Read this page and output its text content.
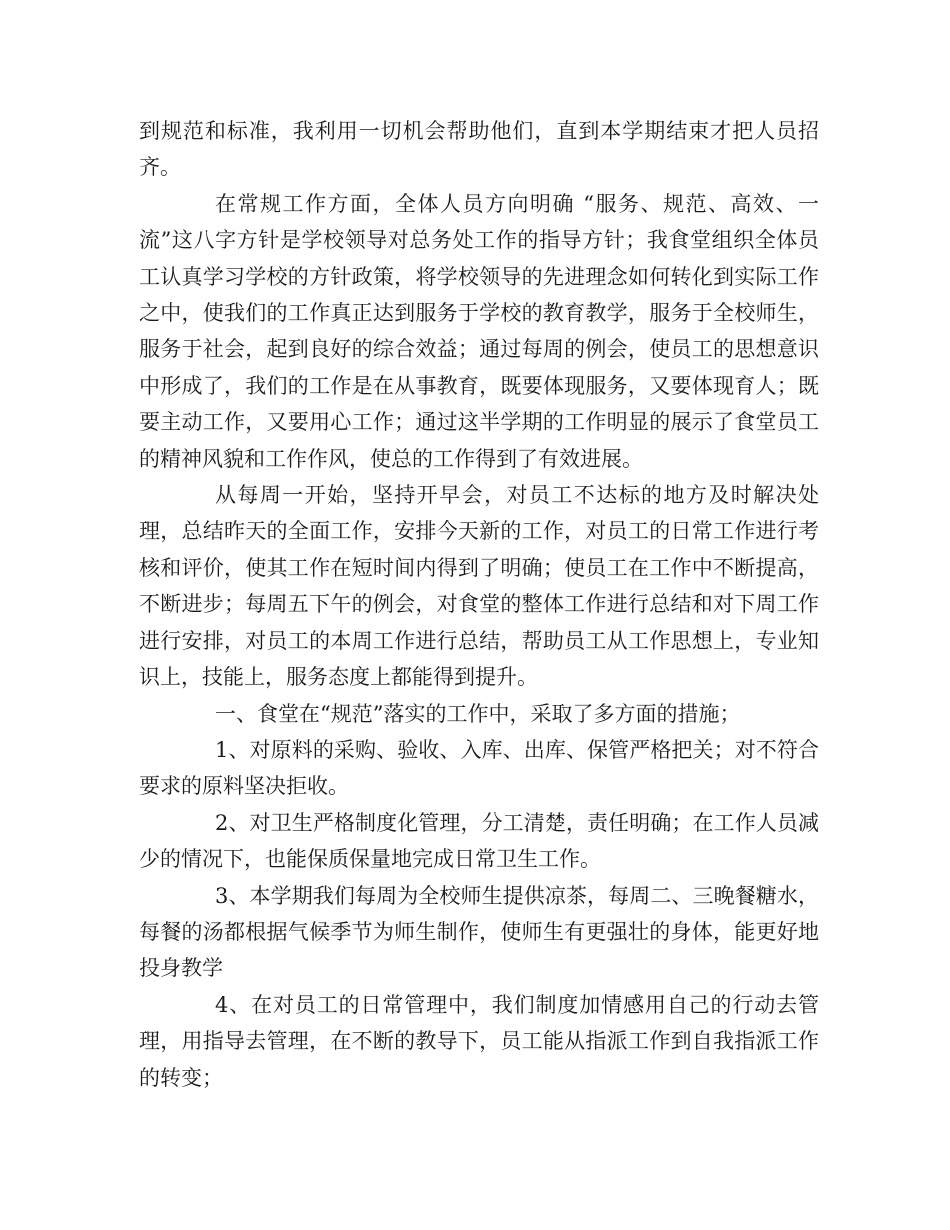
到规范和标准，我利用一切机会帮助他们，直到本学期结束才把人员招齐。

在常规工作方面，全体人员方向明确 “服务、规范、高效、一流”这八字方针是学校领导对总务处工作的指导方针；我食堂组织全体员工认真学习学校的方针政策，将学校领导的先进理念如何转化到实际工作之中，使我们的工作真正达到服务于学校的教育教学，服务于全校师生，服务于社会，起到良好的综合效益；通过每周的例会，使员工的思想意识中形成了，我们的工作是在从事教育，既要体现服务，又要体现育人；既要主动工作，又要用心工作；通过这半学期的工作明显的展示了食堂员工的精神风貌和工作作风，使总的工作得到了有效进展。

从每周一开始，坚持开早会，对员工不达标的地方及时解决处理，总结昨天的全面工作，安排今天新的工作，对员工的日常工作进行考核和评价，使其工作在短时间内得到了明确；使员工在工作中不断提高，不断进步；每周五下午的例会，对食堂的整体工作进行总结和对下周工作进行安排，对员工的本周工作进行总结，帮助员工从工作思想上，专业知识上，技能上，服务态度上都能得到提升。

一、食堂在“规范”落实的工作中，采取了多方面的措施；

1、对原料的采购、验收、入库、出库、保管严格把关；对不符合要求的原料坚决拒收。

2、对卫生严格制度化管理，分工清楚，责任明确；在工作人员减少的情况下，也能保质保量地完成日常卫生工作。

3、本学期我们每周为全校师生提供凉茶，每周二、三晚餐糖水，每餐的汤都根据气候季节为师生制作，使师生有更强壮的身体，能更好地投身教学

4、在对员工的日常管理中，我们制度加情感用自己的行动去管理，用指导去管理，在不断的教导下，员工能从指派工作到自我指派工作的转变；
